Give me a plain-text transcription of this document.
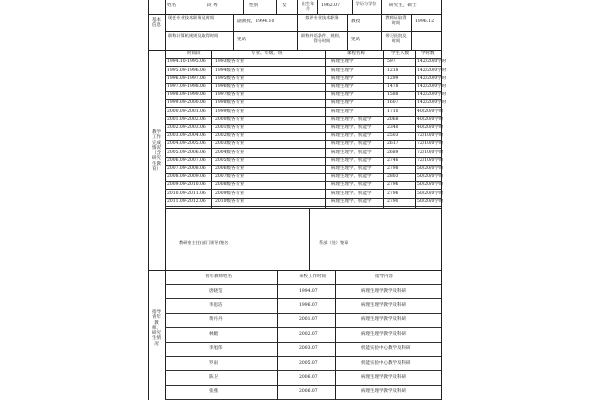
姓名	段 秀	性别	女	出生年月
1962.07	学历与学位	研究生，硕士
基本信息
现任专业技术职务及时间
副教授，1994.10
拟评专业技术职务
教授
教师证取得时间	1996.12
职称计算机规则及取得时间
免试
职称外语条件、规则、得分时间	免试
带习医院及时间
教学工作完成情况（含研究生教育）
时间段	专业、年级、班	课程名称	学生人数	学时数
1994.10-1995.06 1993级各专业	病理生理学	597	142/20/0学时
1995.09-1996.06 1994级各专业	病理生理学	1218	142/20/0学时
1996.09-1997.06 1995级各专业	病理生理学	1299	142/20/0学时
1997.09-1998.06 1996级各专业	病理生理学	1478	142/20/0学时
1998.09-1999.06 1997级各专业	病理生理学	1588	142/20/0学时
1999.09-2000.06 1998级各专业	病理生理学	1607	142/20/0学时
2000.09-2001.06 1999级各专业	病理生理学	1710	40/20/0学时
2001.09-2002.06 2000级各专业	病理生理学、机能学	2068	40/20/0学时
2002.09-2003.06 2001级各专业	病理生理学、机能学	2340	40/20/0学时
2003.09-2004.06 2002级各专业	病理生理学、机能学	2503	72/10/0学时
2004.09-2005.06 2003级各专业	病理生理学、机能学	2617	72/10/0学时
2005.09-2006.06 2004级各专业	病理生理学、机能学	2689	72/10/0学时
2006.09-2007.06 2005级各专业	病理生理学、机能学	2746	72/10/0学时
2007.09-2008.06 2006级各专业	病理生理学、机能学	2798	50/20/0学时
2008.09-2009.06 2007级各专业	病理生理学、机能学	2803	50/20/0学时
2009.09-2010.06 2008级各专业	病理生理学、机能学	2796	50/20/0学时
2010.09-2011.06 2009级各专业	病理生理学、机能学	2796	50/20/0学时
2011.09-2012.06 2010级各专业	病理生理学、机能学	2790	50/20/0学时
教研室主任(部门领导)签名	系部（处）签章
指导青年教师、研究生情况
青年教师姓名	来校工作时间	指导内容
唐晓莹	1994.07	病理生理学教学及科研
李思洁	1996.07	病理生理学教学及科研
黄丹丹	2001.07	病理生理学教学及科研
林媚	2002.07	病理生理学教学及科研
李旭伟	2003.07	机能实验中心教学及科研
罗雨	2005.07	机能实验中心教学及科研
陈卫	2006.07	病理生理学教学及科研
张燕	2006.07	病理生理学教学及科研
